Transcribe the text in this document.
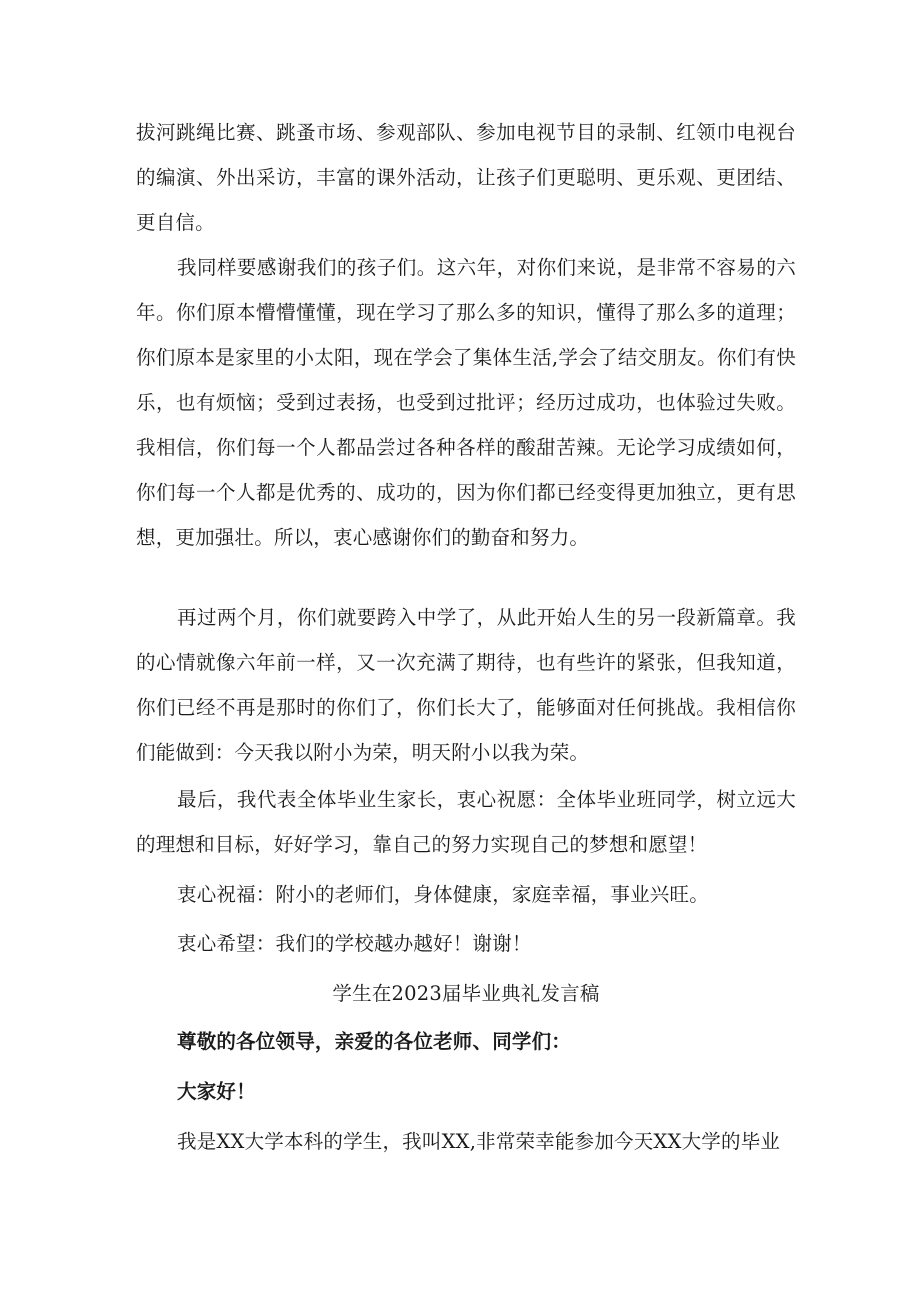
拔河跳绳比赛、跳蚤市场、参观部队、参加电视节目的录制、红领巾电视台的编演、外出采访，丰富的课外活动，让孩子们更聪明、更乐观、更团结、更自信。

我同样要感谢我们的孩子们。这六年，对你们来说，是非常不容易的六年。你们原本懵懵懂懂，现在学习了那么多的知识，懂得了那么多的道理；你们原本是家里的小太阳，现在学会了集体生活,学会了结交朋友。你们有快乐，也有烦恼；受到过表扬，也受到过批评；经历过成功，也体验过失败。我相信，你们每一个人都品尝过各种各样的酸甜苦辣。无论学习成绩如何，你们每一个人都是优秀的、成功的，因为你们都已经变得更加独立，更有思想，更加强壮。所以，衷心感谢你们的勤奋和努力。

再过两个月，你们就要跨入中学了，从此开始人生的另一段新篇章。我的心情就像六年前一样，又一次充满了期待，也有些许的紧张，但我知道，你们已经不再是那时的你们了，你们长大了，能够面对任何挑战。我相信你们能做到：今天我以附小为荣，明天附小以我为荣。

最后，我代表全体毕业生家长，衷心祝愿：全体毕业班同学，树立远大的理想和目标，好好学习，靠自己的努力实现自己的梦想和愿望！

衷心祝福：附小的老师们，身体健康，家庭幸福，事业兴旺。

衷心希望：我们的学校越办越好！谢谢！

学生在2023届毕业典礼发言稿

尊敬的各位领导，亲爱的各位老师、同学们：

大家好！

我是XX大学本科的学生，我叫XX,非常荣幸能参加今天XX大学的毕业
